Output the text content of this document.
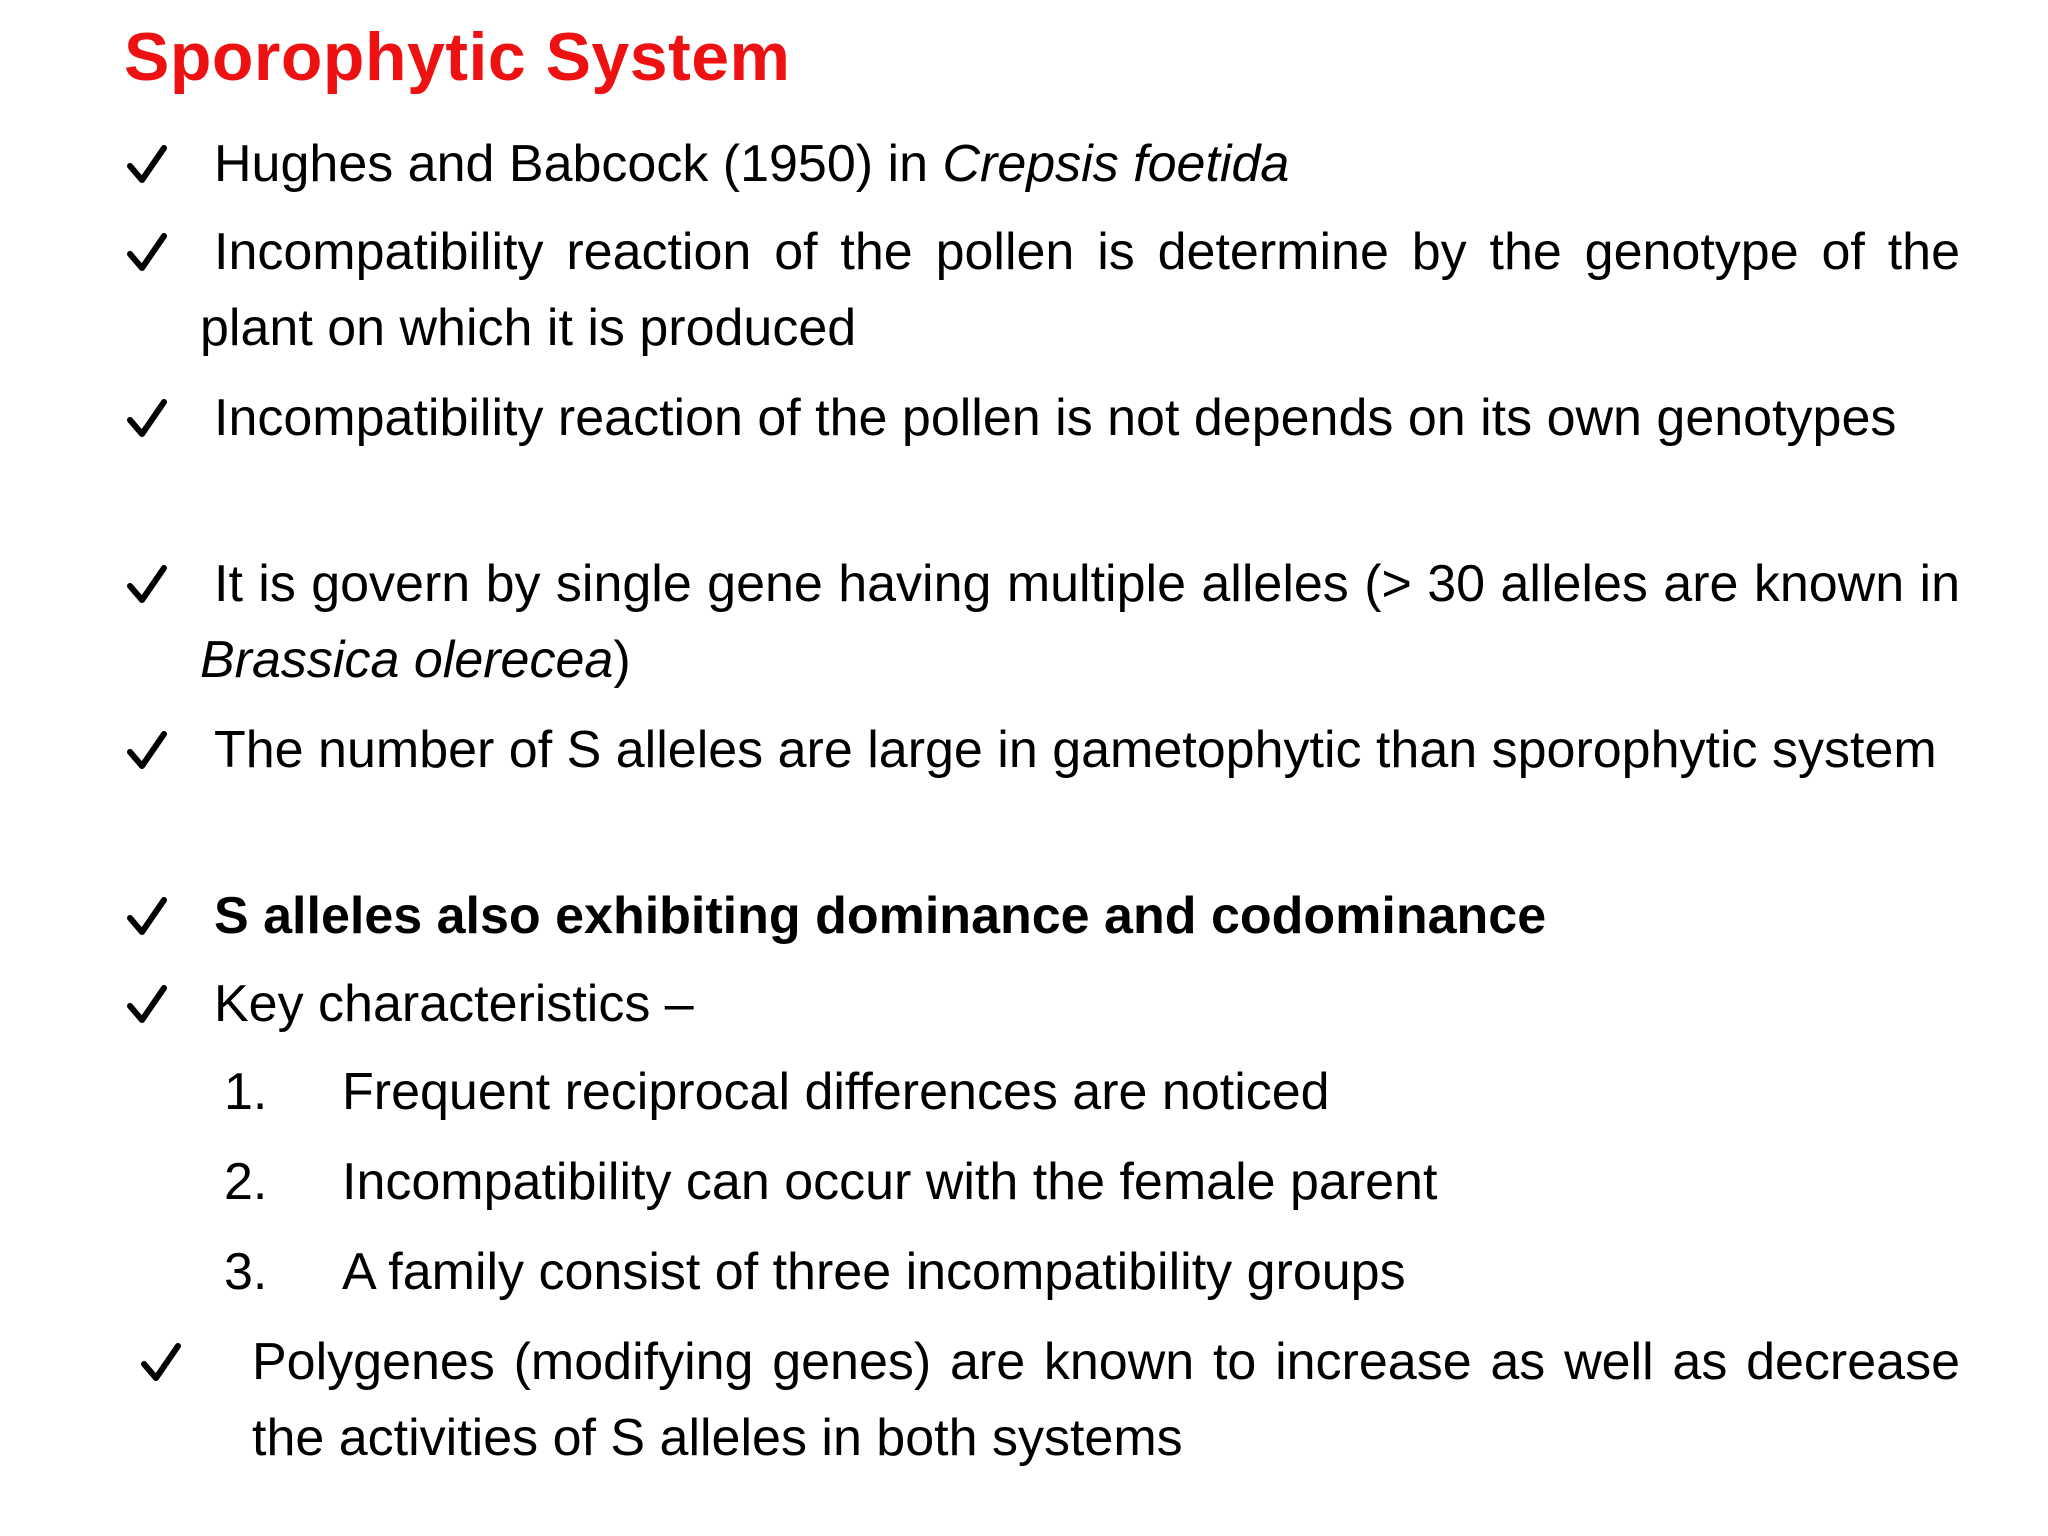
Sporophytic System
Hughes and Babcock (1950) in Crepsis foetida
Incompatibility reaction of the pollen is determine by the genotype of the plant on which it is produced
Incompatibility reaction of the pollen is not depends on its own genotypes
It is govern by single gene having multiple alleles (> 30 alleles are known in Brassica olerecea)
The number of S alleles are large in gametophytic than sporophytic system
S alleles also exhibiting dominance and codominance
Key characteristics –
1. Frequent reciprocal differences are noticed
2. Incompatibility can occur with the female parent
3. A family consist of three incompatibility groups
Polygenes (modifying genes) are known to increase as well as decrease the activities of S alleles in both systems
